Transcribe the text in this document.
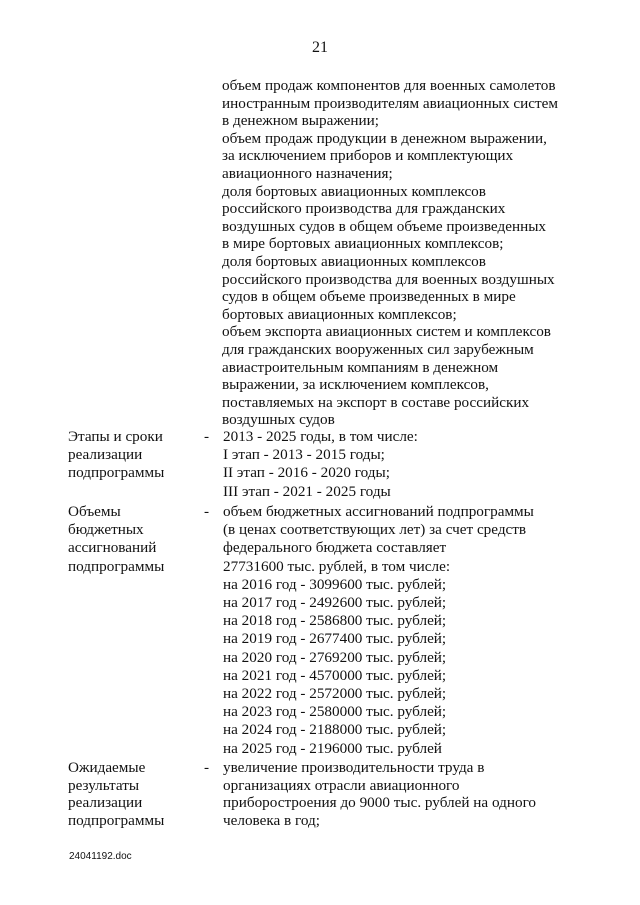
21
объем продаж компонентов для военных самолетов
иностранным производителям авиационных систем
в денежном выражении;
объем продаж продукции в денежном выражении,
за исключением приборов и комплектующих
авиационного назначения;
доля бортовых авиационных комплексов
российского производства для гражданских
воздушных судов в общем объеме произведенных
в мире бортовых авиационных комплексов;
доля бортовых авиационных комплексов
российского производства для военных воздушных
судов в общем объеме произведенных в мире
бортовых авиационных комплексов;
объем экспорта авиационных систем и комплексов
для гражданских вооруженных сил зарубежным
авиастроительным компаниям в денежном
выражении, за исключением комплексов,
поставляемых на экспорт в составе российских
воздушных судов
Этапы и сроки
реализации
подпрограммы
- 2013 - 2025 годы, в том числе:
I этап - 2013 - 2015 годы;
II этап - 2016 - 2020 годы;
III этап - 2021 - 2025 годы
Объемы
бюджетных
ассигнований
подпрограммы
- объем бюджетных ассигнований подпрограммы
(в ценах соответствующих лет) за счет средств
федерального бюджета составляет
27731600 тыс. рублей, в том числе:
на 2016 год - 3099600 тыс. рублей;
на 2017 год - 2492600 тыс. рублей;
на 2018 год - 2586800 тыс. рублей;
на 2019 год - 2677400 тыс. рублей;
на 2020 год - 2769200 тыс. рублей;
на 2021 год - 4570000 тыс. рублей;
на 2022 год - 2572000 тыс. рублей;
на 2023 год - 2580000 тыс. рублей;
на 2024 год - 2188000 тыс. рублей;
на 2025 год - 2196000 тыс. рублей
Ожидаемые
результаты
реализации
подпрограммы
- увеличение производительности труда в
организациях отрасли авиационного
приборостроения до 9000 тыс. рублей на одного
человека в год;
24041192.doc
